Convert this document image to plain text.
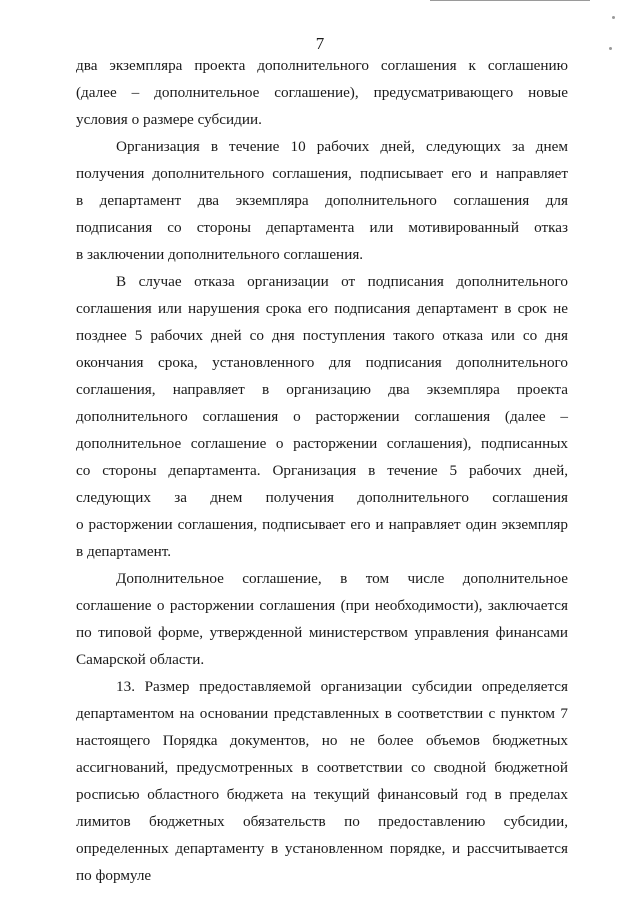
7
два экземпляра проекта дополнительного соглашения к соглашению
(далее – дополнительное соглашение), предусматривающего новые
условия о размере субсидии.
Организация в течение 10 рабочих дней, следующих за днем
получения дополнительного соглашения, подписывает его и направляет
в департамент два экземпляра дополнительного соглашения для
подписания со стороны департамента или мотивированный отказ
в заключении дополнительного соглашения.
В случае отказа организации от подписания дополнительного
соглашения или нарушения срока его подписания департамент в срок не
позднее 5 рабочих дней со дня поступления такого отказа или со дня
окончания срока, установленного для подписания дополнительного
соглашения, направляет в организацию два экземпляра проекта
дополнительного соглашения о расторжении соглашения (далее –
дополнительное соглашение о расторжении соглашения), подписанных
со стороны департамента. Организация в течение 5 рабочих дней,
следующих за днем получения дополнительного соглашения
о расторжении соглашения, подписывает его и направляет один экземпляр
в департамент.
Дополнительное соглашение, в том числе дополнительное
соглашение о расторжении соглашения (при необходимости), заключается
по типовой форме, утвержденной министерством управления финансами
Самарской области.
13. Размер предоставляемой организации субсидии определяется
департаментом на основании представленных в соответствии с пунктом 7
настоящего Порядка документов, но не более объемов бюджетных
ассигнований, предусмотренных в соответствии со сводной бюджетной
росписью областного бюджета на текущий финансовый год в пределах
лимитов бюджетных обязательств по предоставлению субсидии,
определенных департаменту в установленном порядке, и рассчитывается
по формуле
